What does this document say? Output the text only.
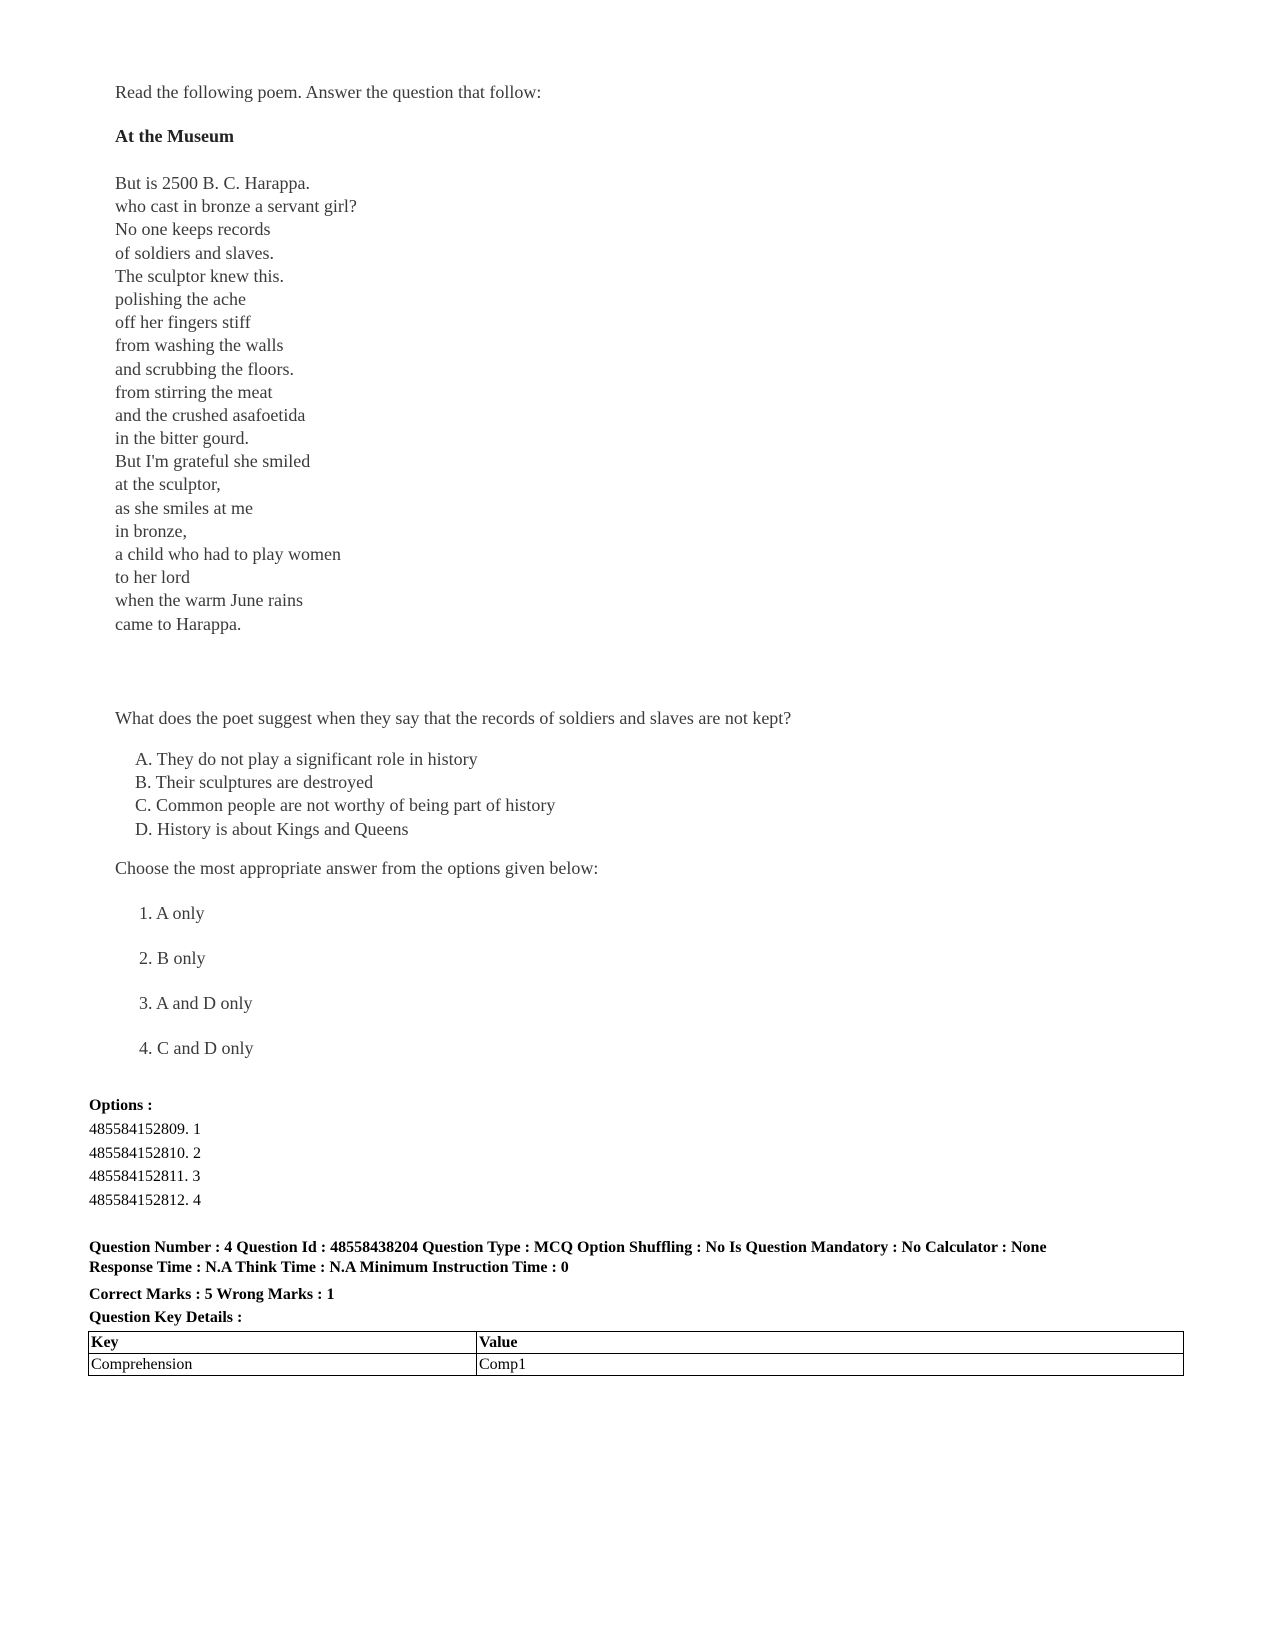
Read the following poem. Answer the question that follow:
At the Museum
But is 2500 B. C. Harappa.
who cast in bronze a servant girl?
No one keeps records
of soldiers and slaves.
The sculptor knew this.
polishing the ache
off her fingers stiff
from washing the walls
and scrubbing the floors.
from stirring the meat
and the crushed asafoetida
in the bitter gourd.
But I'm grateful she smiled
at the sculptor,
as she smiles at me
in bronze,
a child who had to play women
to her lord
when the warm June rains
came to Harappa.
What does the poet suggest when they say that the records of soldiers and slaves are not kept?
A. They do not play a significant role in history
B. Their sculptures are destroyed
C. Common people are not worthy of being part of history
D. History is about Kings and Queens
Choose the most appropriate answer from the options given below:
1. A only
2. B only
3. A and D only
4. C and D only
Options :
485584152809. 1
485584152810. 2
485584152811. 3
485584152812. 4
Question Number : 4 Question Id : 48558438204 Question Type : MCQ Option Shuffling : No Is Question Mandatory : No Calculator : None
Response Time : N.A Think Time : N.A Minimum Instruction Time : 0
Correct Marks : 5 Wrong Marks : 1
Question Key Details :
Key	Value
Comprehension	Comp1
